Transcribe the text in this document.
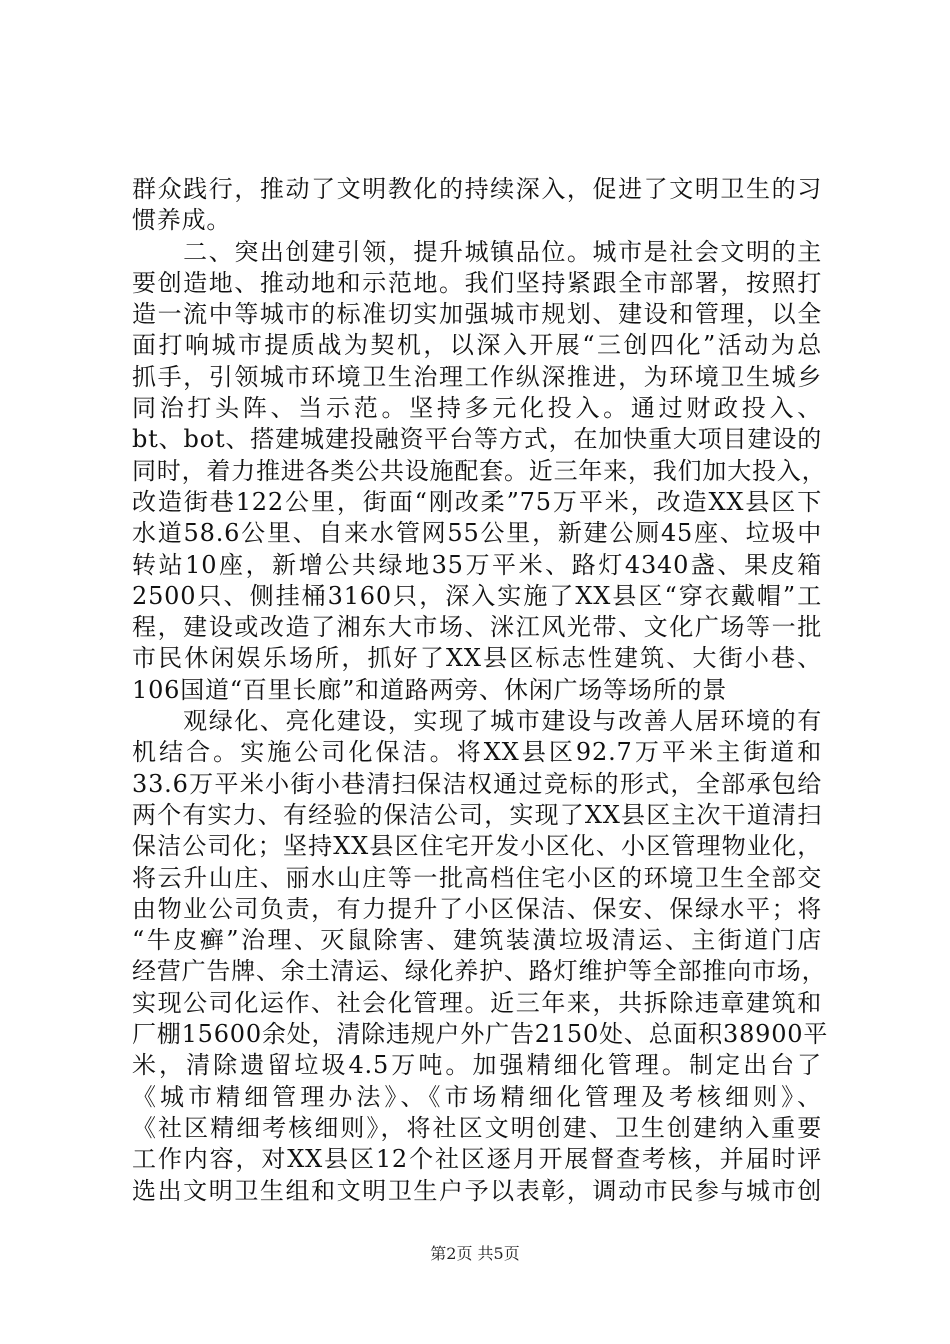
群众践行，推动了文明教化的持续深入，促进了文明卫生的习
惯养成。
　　二、突出创建引领，提升城镇品位。城市是社会文明的主
要创造地、推动地和示范地。我们坚持紧跟全市部署，按照打
造一流中等城市的标准切实加强城市规划、建设和管理，以全
面打响城市提质战为契机，以深入开展“三创四化”活动为总
抓手，引领城市环境卫生治理工作纵深推进，为环境卫生城乡
同治打头阵、当示范。坚持多元化投入。通过财政投入、
bt、bot、搭建城建投融资平台等方式，在加快重大项目建设的
同时，着力推进各类公共设施配套。近三年来，我们加大投入，
改造街巷122公里，街面“刚改柔”75万平米，改造XX县区下
水道58.6公里、自来水管网55公里，新建公厕45座、垃圾中
转站10座，新增公共绿地35万平米、路灯4340盏、果皮箱
2500只、侧挂桶3160只，深入实施了XX县区“穿衣戴帽”工
程，建设或改造了湘东大市场、洣江风光带、文化广场等一批
市民休闲娱乐场所，抓好了XX县区标志性建筑、大街小巷、
106国道“百里长廊”和道路两旁、休闲广场等场所的景
　　观绿化、亮化建设，实现了城市建设与改善人居环境的有
机结合。实施公司化保洁。将XX县区92.7万平米主街道和
33.6万平米小街小巷清扫保洁权通过竞标的形式，全部承包给
两个有实力、有经验的保洁公司，实现了XX县区主次干道清扫
保洁公司化；坚持XX县区住宅开发小区化、小区管理物业化，
将云升山庄、丽水山庄等一批高档住宅小区的环境卫生全部交
由物业公司负责，有力提升了小区保洁、保安、保绿水平；将
“牛皮癣”治理、灭鼠除害、建筑装潢垃圾清运、主街道门店
经营广告牌、余土清运、绿化养护、路灯维护等全部推向市场，
实现公司化运作、社会化管理。近三年来，共拆除违章建筑和
厂棚15600余处，清除违规户外广告2150处、总面积38900平
米，清除遗留垃圾4.5万吨。加强精细化管理。制定出台了
《城市精细管理办法》、《市场精细化管理及考核细则》、
《社区精细考核细则》，将社区文明创建、卫生创建纳入重要
工作内容，对XX县区12个社区逐月开展督查考核，并届时评
选出文明卫生组和文明卫生户予以表彰，调动市民参与城市创
第2页 共5页
